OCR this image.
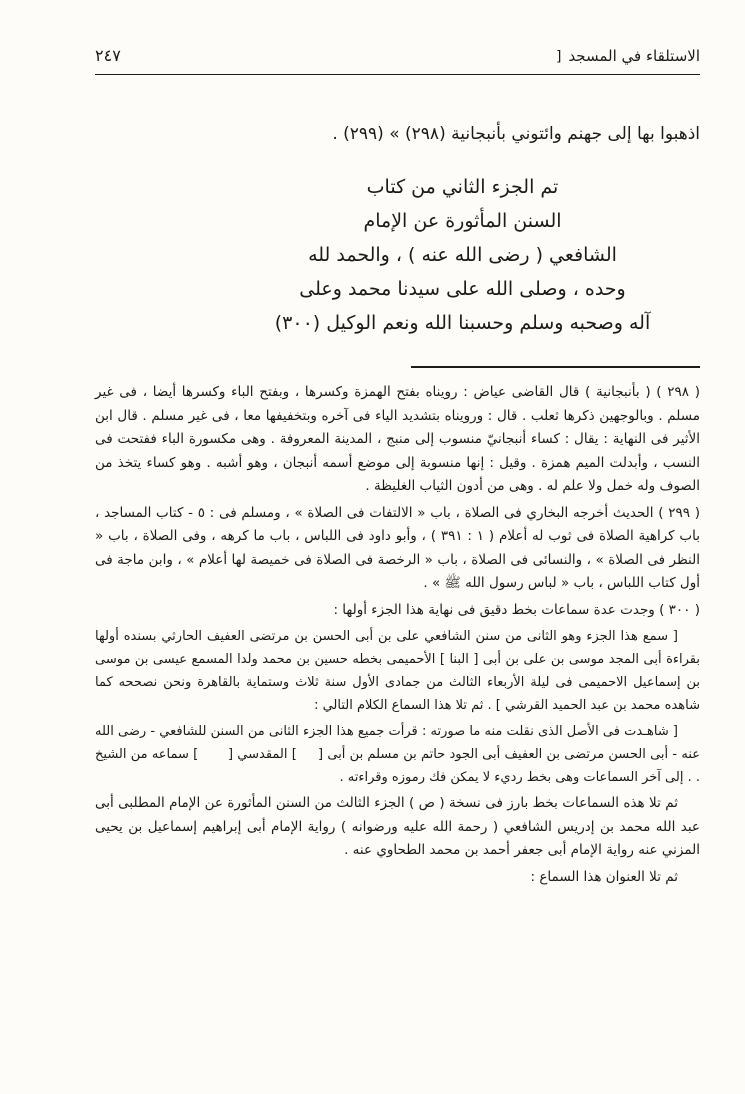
الاستلقاء في المسجد]
٢٤٧

اذهبوا بها إلى جهنم وائتوني بأنبجانية (٢٩٨) » (٢٩٩) .

تم الجزء الثاني من كتاب
السنن المأثورة عن الإمام
الشافعي ( رضى الله عنه ) ، والحمد لله
وحده ، وصلى الله على سيدنا محمد وعلى
آله وصحبه وسلم وحسبنا الله ونعم الوكيل (٣٠٠)

( ٢٩٨ ) ( بأنبجانية ) قال القاضى عياض : رويناه بفتح الهمزة وكسرها ، وبفتح الباء وكسرها أيضا ، فى غير مسلم . وبالوجهين ذكرها ثعلب . قال : ورويناه بتشديد الياء فى آخره وبتخفيفها معا ، فى غير مسلم . قال ابن الأثير فى النهاية : يقال : كساء أنبجانيّ منسوب إلى منبج ، المدينة المعروفة . وهى مكسورة الباء ففتحت فى النسب ، وأبدلت الميم همزة . وقيل : إنها منسوبة إلى موضع أسمه أنبجان ، وهو أشبه . وهو كساء يتخذ من الصوف وله خمل ولا علم له . وهى من أدون الثياب الغليظة .

( ٢٩٩ ) الحديث أخرجه البخاري فى الصلاة ، باب « الالتفات فى الصلاة » ، ومسلم فى : ٥ - كتاب المساجد ، باب كراهية الصلاة فى ثوب له أعلام ( ١ : ٣٩١ ) ، وأبو داود فى اللباس ، باب ما كرهه ، وفى الصلاة ، باب « النظر فى الصلاة » ، والنسائى فى الصلاة ، باب « الرخصة فى الصلاة فى خميصة لها أعلام » ، وابن ماجة فى أول كتاب اللباس ، باب « لباس رسول الله ﷺ » .

( ٣٠٠ ) وجدت عدة سماعات بخط دقيق فى نهاية هذا الجزء أولها :

[ سمع هذا الجزء وهو الثانى من سنن الشافعي على بن أبى الحسن بن مرتضى العفيف الحارثي بسنده أولها بقراءة أبى المجد موسى بن على بن أبى [ البنا ] الأحميمى بخطه حسين بن محمد ولدا المسمع عيسى بن موسى بن إسماعيل الاحميمى فى ليلة الأربعاء الثالث من جمادى الأول سنة ثلاث وستماية بالقاهرة ونحن نصححه كما شاهده محمد بن عبد الحميد القرشي ] . ثم تلا هذا السماع الكلام التالي :

[ شاهـدت فى الأصل الذى نقلت منه ما صورته : قرأت جميع هذا الجزء الثانى من السنن للشافعي - رضى الله عنه - أبى الحسن مرتضى بن العفيف أبى الجود حاتم بن مسلم بن أبى [     ] المقدسي [       ] سماعه من الشيخ . . إلى آخر السماعات وهى بخط رديء لا يمكن فك رموزه وقراءته .

ثم تلا هذه السماعات بخط بارز فى نسخة ( ص ) الجزء الثالث من السنن المأثورة عن الإمام المطلبى أبى عبد الله محمد بن إدريس الشافعي ( رحمة الله عليه ورضوانه ) رواية الإمام أبى إبراهيم إسماعيل بن يحيى المزني عنه رواية الإمام أبى جعفر أحمد بن محمد الطحاوي عنه .

ثم تلا العنوان هذا السماع :
